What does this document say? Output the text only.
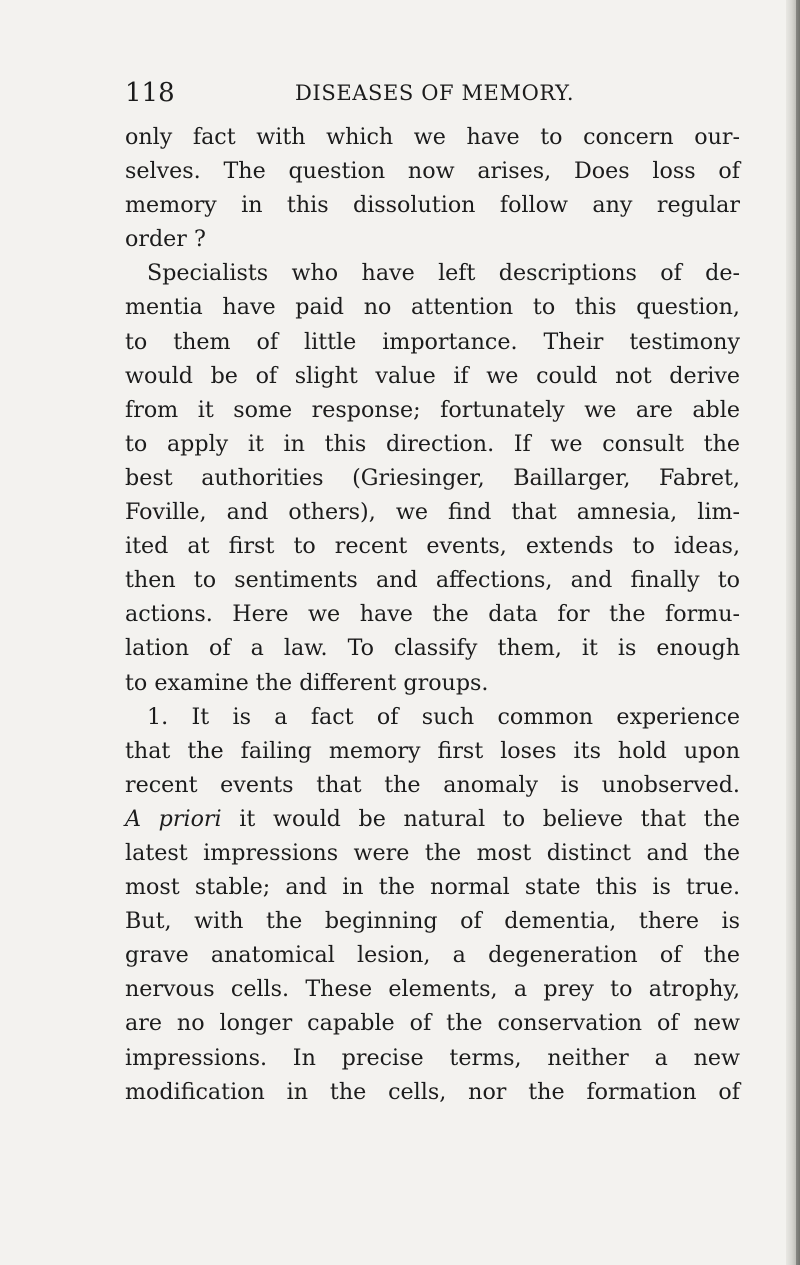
118	DISEASES OF MEMORY.
only fact with which we have to concern our-
selves. The question now arises, Does loss of
memory in this dissolution follow any regular
order ?
Specialists who have left descriptions of de-
mentia have paid no attention to this question,
to them of little importance. Their testimony
would be of slight value if we could not derive
from it some response; fortunately we are able
to apply it in this direction. If we consult the
best authorities (Griesinger, Baillarger, Fabret,
Foville, and others), we find that amnesia, lim-
ited at first to recent events, extends to ideas,
then to sentiments and affections, and finally to
actions. Here we have the data for the formu-
lation of a law. To classify them, it is enough
to examine the different groups.
1. It is a fact of such common experience
that the failing memory first loses its hold upon
recent events that the anomaly is unobserved.
A priori it would be natural to believe that the
latest impressions were the most distinct and the
most stable; and in the normal state this is true.
But, with the beginning of dementia, there is
grave anatomical lesion, a degeneration of the
nervous cells. These elements, a prey to atrophy,
are no longer capable of the conservation of new
impressions. In precise terms, neither a new
modification in the cells, nor the formation of
